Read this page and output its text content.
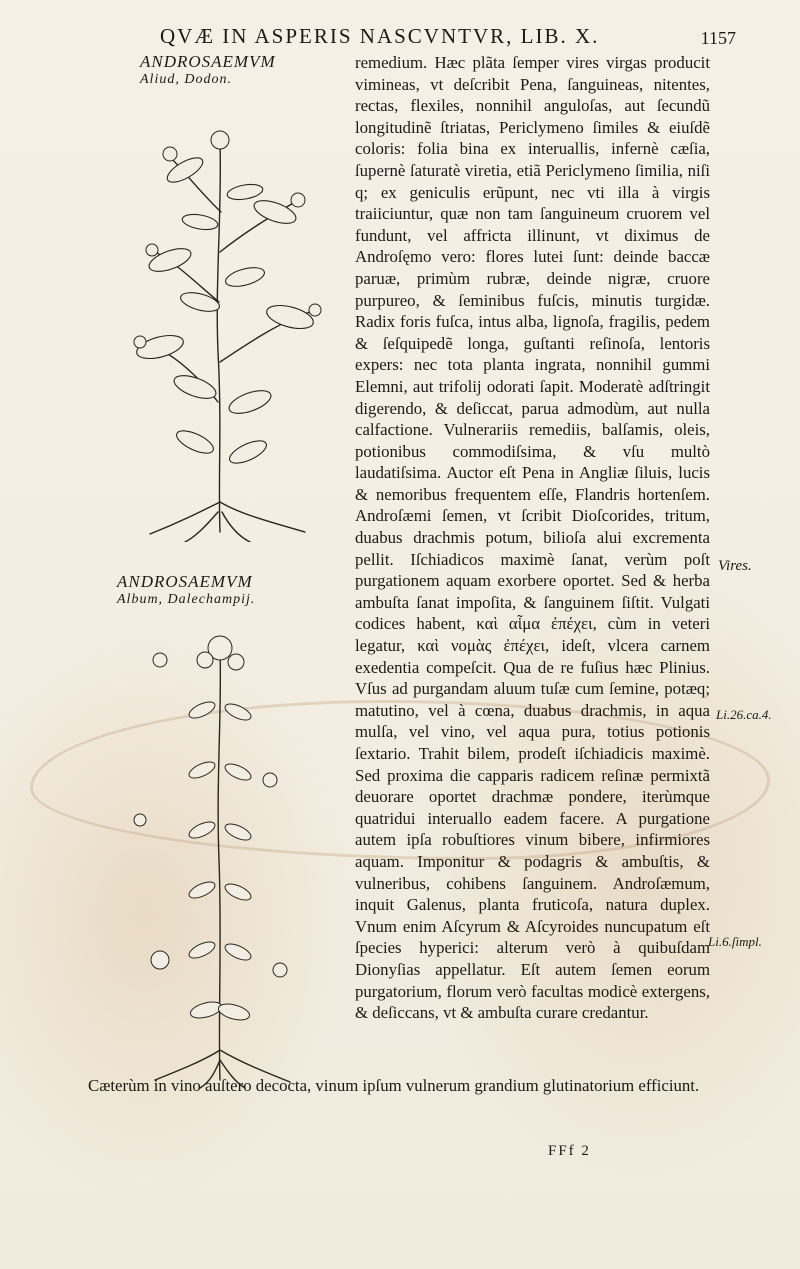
QVÆ IN ASPERIS NASCVNTVR, LIB. X.	1157
ANDROSAEMVM
Aliud, Dodon.
ANDROSAEMVM
Album, Dalechampij.
remedium. Hæc plãta ſemper vires virgas producit vimineas, vt deſcribit Pena, ſanguineas, nitentes, rectas, flexiles, nonnihil anguloſas, aut ſecundũ longitudinẽ ſtriatas, Periclymeno ſimiles & eiuſdẽ coloris: folia bina ex interuallis, infernè cæſia, ſupernè ſaturatè viretia, etiã Periclymeno ſimilia, niſi q; ex geniculis erũpunt, nec vti illa à virgis traiiciuntur, quæ non tam ſanguineum cruorem vel fundunt, vel affricta illinunt, vt diximus de Androſęmo vero: flores lutei ſunt: deinde baccæ paruæ, primùm rubræ, deinde nigræ, cruore purpureo, & ſeminibus fuſcis, minutis turgidæ. Radix foris fuſca, intus alba, lignoſa, fragilis, pedem & ſeſquipedẽ longa, guſtanti reſinoſa, lentoris expers: nec tota planta ingrata, nonnihil gummi Elemni, aut trifolij odorati ſapit. Moderatè adſtringit digerendo, & deſiccat, parua admodùm, aut nulla calfactione. Vulnerariis remediis, balſamis, oleis, potionibus commodiſsima, & vſu multò laudatiſsima. Auctor eſt Pena in Angliæ ſiluis, lucis & nemoribus frequentem eſſe, Flandris hortenſem. Androſæmi ſemen, vt ſcribit Dioſcorides, tritum, duabus drachmis potum, bilioſa alui excrementa pellit. Iſchiadicos maximè ſanat, verùm poſt purgationem aquam exorbere oportet. Sed & herba ambuſta ſanat impoſita, & ſanguinem ſiſtit. Vulgati codices habent, καὶ αἷμα ἐπέχει, cùm in veteri legatur, καὶ νομὰς ἐπέχει, ideſt, vlcera carnem exedentia compeſcit. Qua de re fuſius hæc Plinius. Vſus ad purgandam aluum tuſæ cum ſemine, potæq; matutino, vel à cœna, duabus drachmis, in aqua mulſa, vel vino, vel aqua pura, totius potionis ſextario. Trahit bilem, prodeſt iſchiadicis maximè. Sed proxima die capparis radicem reſinæ permixtã deuorare oportet drachmæ pondere, iterùmque quatridui interuallo eadem facere. A purgatione autem ipſa robuſtiores vinum bibere, infirmiores aquam. Imponitur & podagris & ambuſtis, & vulneribus, cohibens ſanguinem. Androſæmum, inquit Galenus, planta fruticoſa, natura duplex. Vnum enim Aſcyrum & Aſcyroides nuncupatum eſt ſpecies hyperici: alterum verò à quibuſdam Dionyſias appellatur. Eſt autem ſemen eorum purgatorium, florum verò facultas modicè extergens, & deſiccans, vt & ambuſta curare credantur.
Cæterùm in vino auſtero decocta, vinum ipſum vulnerum grandium glutinatorium efficiunt.
Vires.
Li.26.ca.4.
Li.6.ſimpl.
FFf 2
